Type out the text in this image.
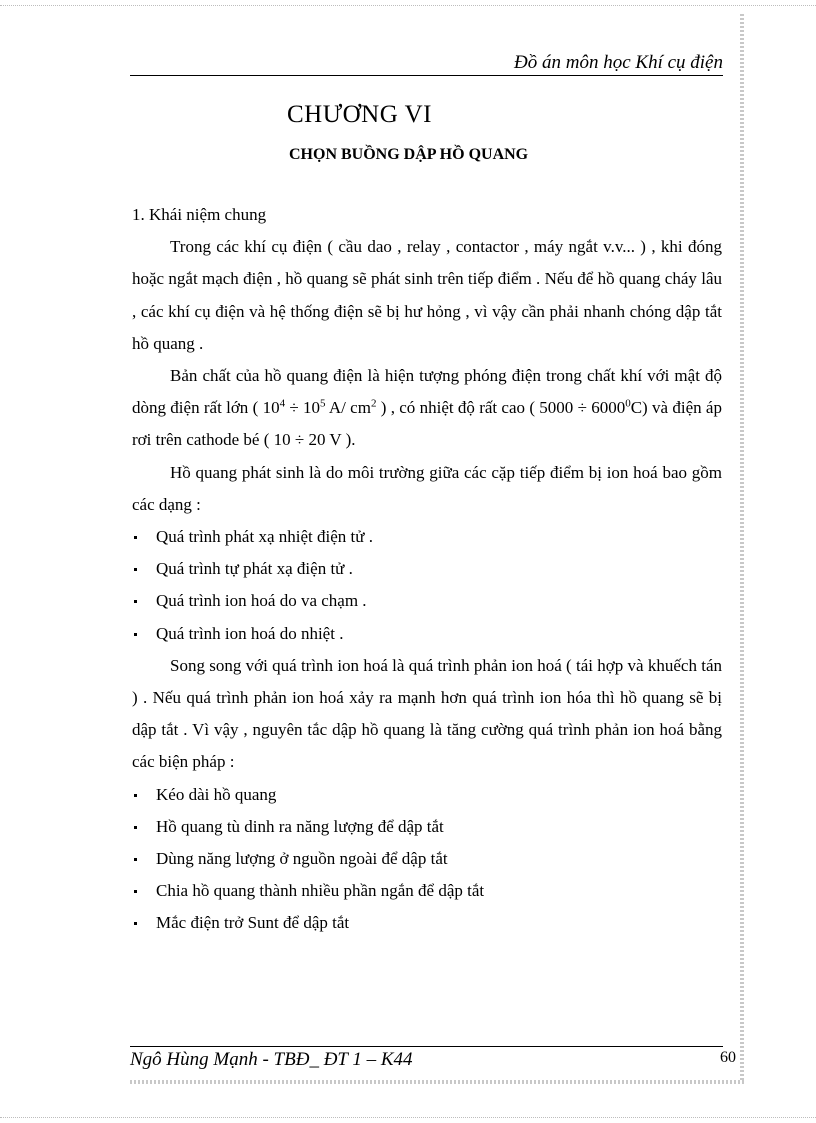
Đồ án môn học Khí cụ điện
CHƯƠNG VI
CHỌN BUỒNG DẬP HỒ QUANG

1. Khái niệm chung

Trong các khí cụ điện ( cầu dao , relay , contactor , máy ngắt v.v... ) , khi đóng hoặc ngắt mạch điện , hồ quang sẽ phát sinh trên tiếp điểm . Nếu để hồ quang cháy lâu , các khí cụ điện và hệ thống điện sẽ bị hư hỏng , vì vậy cần phải nhanh chóng dập tắt hồ quang .

Bản chất của hồ quang điện là hiện tượng phóng điện trong chất khí với mật độ dòng điện rất lớn ( $10^4 \div 10^5$ A/ $cm^2$ ) , có nhiệt độ rất cao ( $5000 \div 6000^0C$) và điện áp rơi trên cathode bé ( 10 ÷ 20 V ).

Hồ quang phát sinh là do môi trường giữa các cặp tiếp điểm bị ion hoá bao gồm các dạng :

Quá trình phát xạ nhiệt điện tử .
Quá trình tự phát xạ điện tử .
Quá trình ion hoá do va chạm .
Quá trình ion hoá do nhiệt .

Song song với quá trình ion hoá là quá trình phản ion hoá ( tái hợp và khuếch tán ) . Nếu quá trình phản ion hoá xảy ra mạnh hơn quá trình ion hóa thì hồ quang sẽ bị dập tắt . Vì vậy , nguyên tắc dập hồ quang là tăng cường quá trình phản ion hoá bằng các biện pháp :

Kéo dài hồ quang
Hồ quang tù dinh ra năng lượng để dập tắt
Dùng năng lượng ở nguồn ngoài để dập tắt
Chia hồ quang thành nhiều phần ngắn để dập tắt
Mắc điện trở Sunt để dập tắt
Ngô Hùng Mạnh - TBĐ_ ĐT 1 – K44	60
